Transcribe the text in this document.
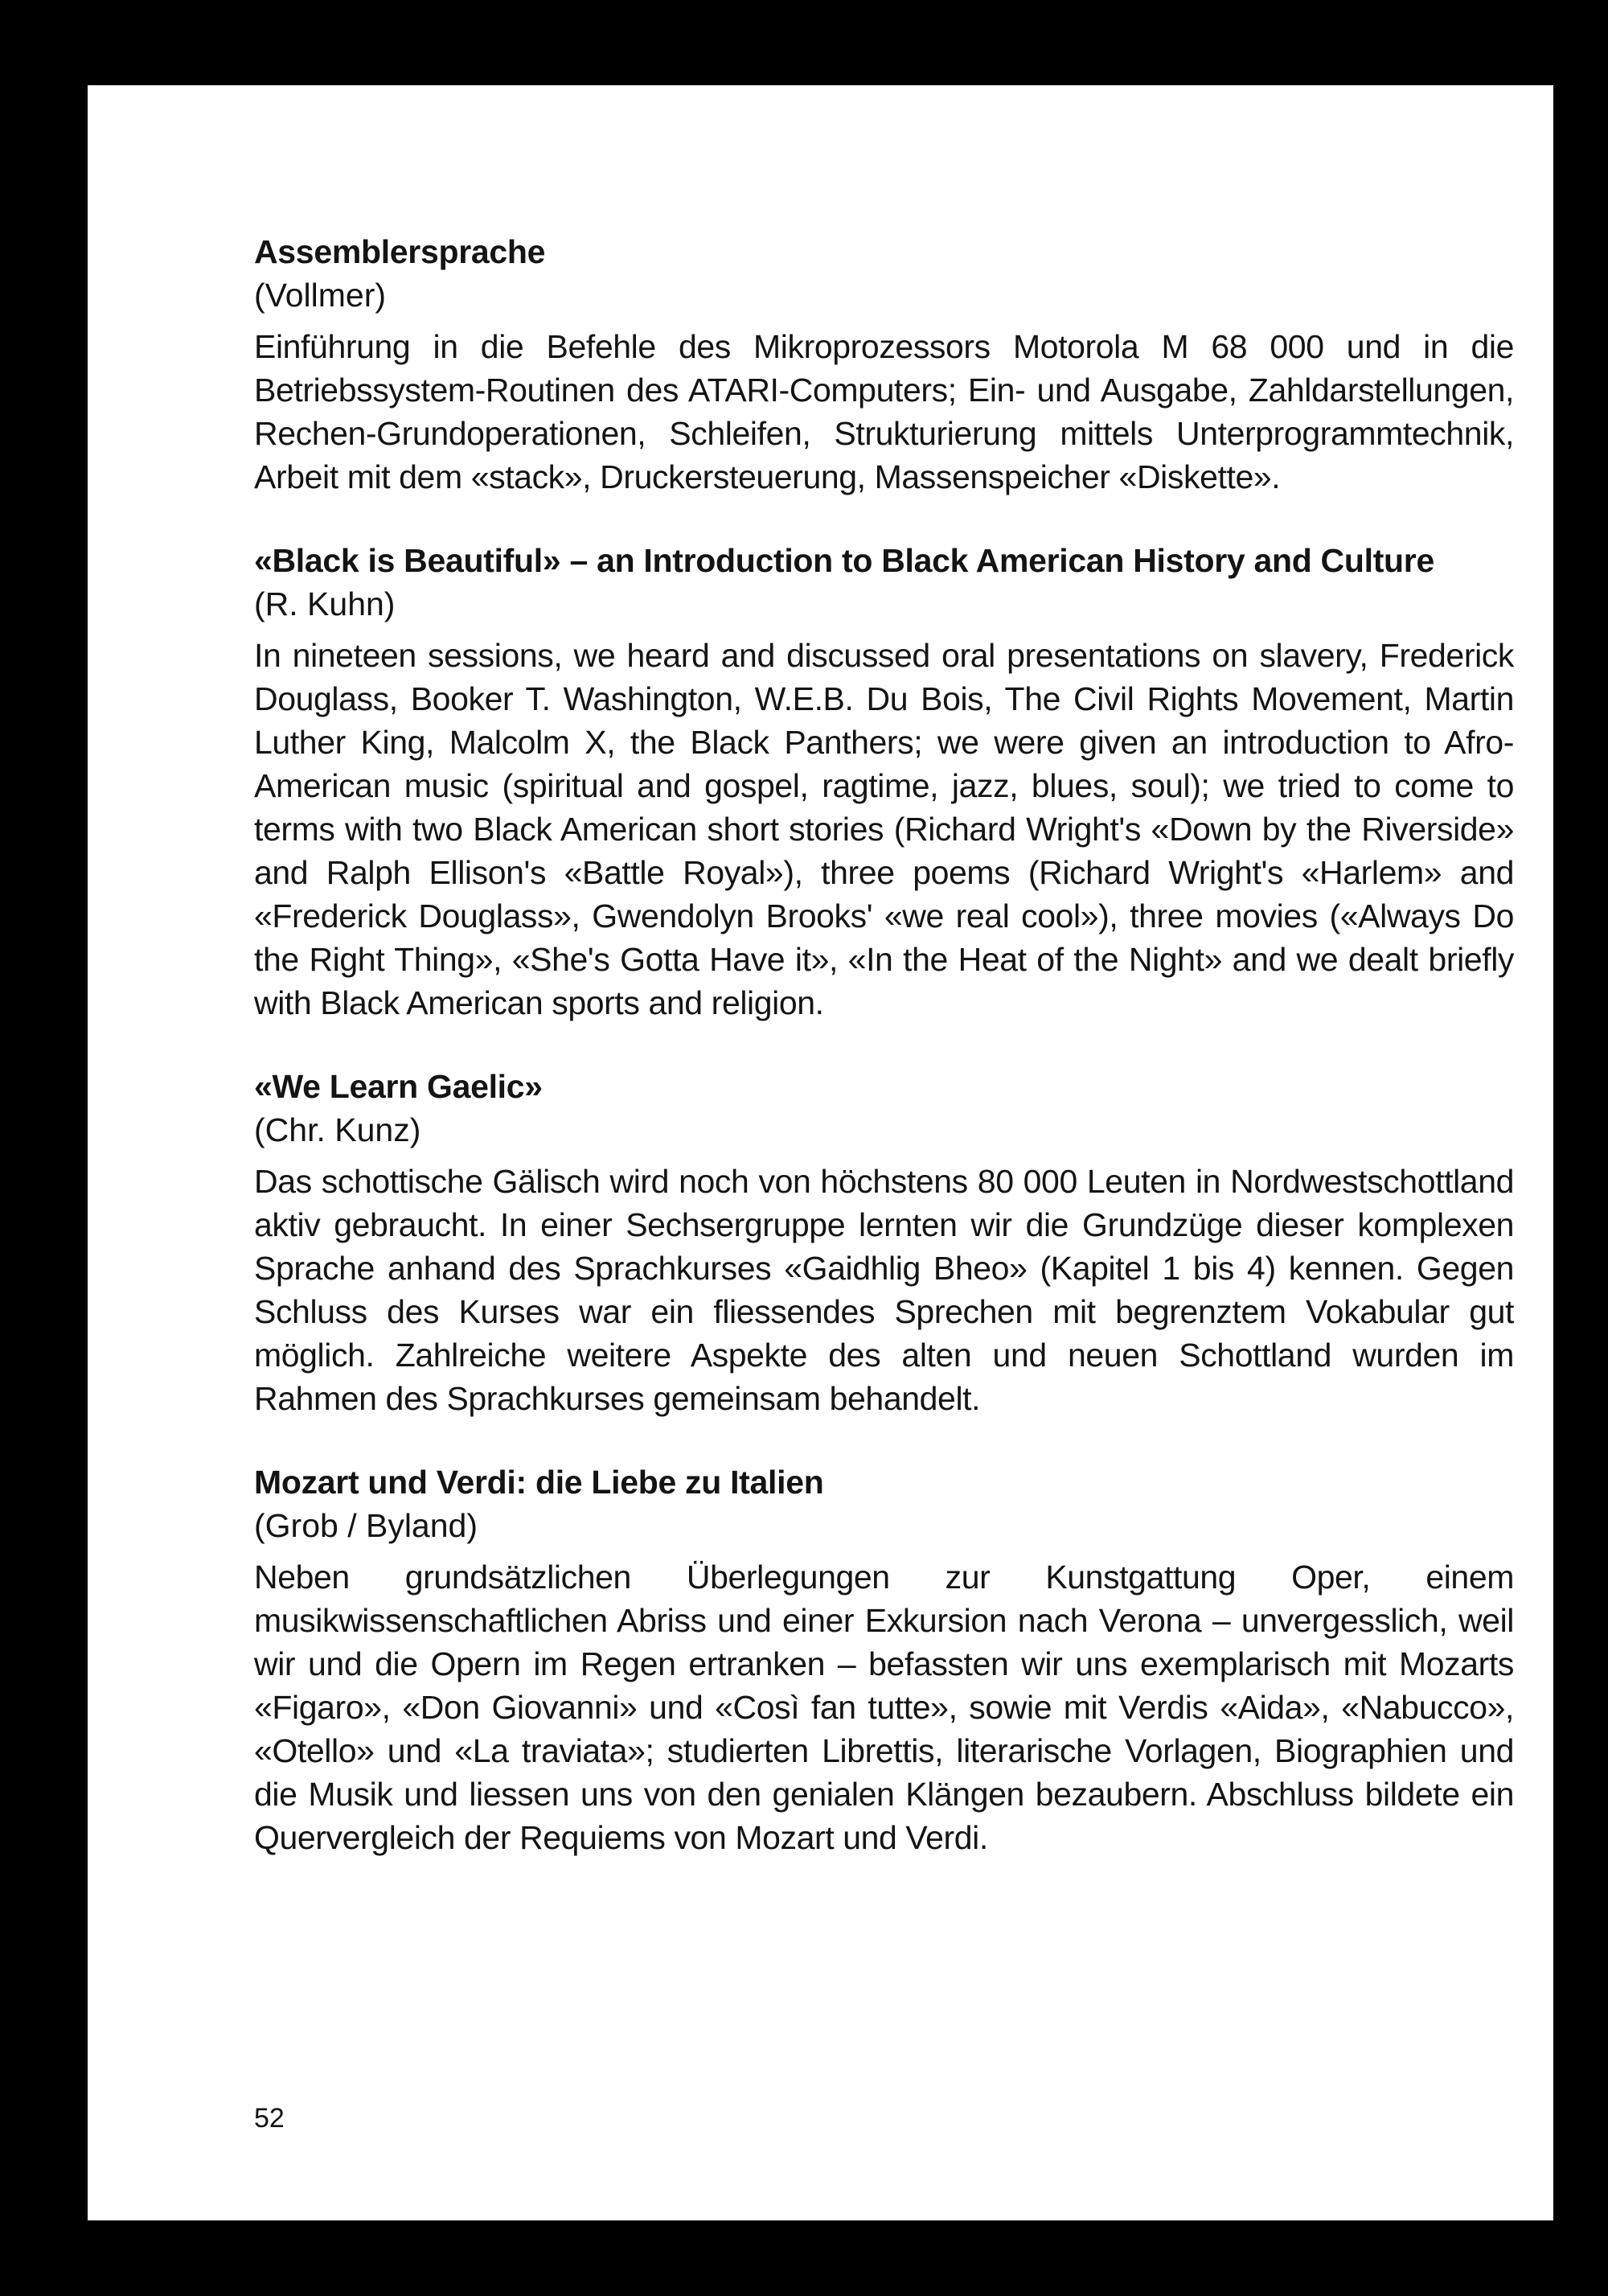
Assemblersprache

(Vollmer)

Einführung in die Befehle des Mikroprozessors Motorola M 68 000 und in die Betriebssystem-Routinen des ATARI-Computers; Ein- und Ausgabe, Zahldarstellungen, Rechen-Grundoperationen, Schleifen, Strukturierung mittels Unterprogrammtechnik, Arbeit mit dem «stack», Druckersteuerung, Massenspeicher «Diskette».

«Black is Beautiful» – an Introduction to Black American History and Culture

(R. Kuhn)

In nineteen sessions, we heard and discussed oral presentations on slavery, Frederick Douglass, Booker T. Washington, W.E.B. Du Bois, The Civil Rights Movement, Martin Luther King, Malcolm X, the Black Panthers; we were given an introduction to Afro-American music (spiritual and gospel, ragtime, jazz, blues, soul); we tried to come to terms with two Black American short stories (Richard Wright's «Down by the Riverside» and Ralph Ellison's «Battle Royal»), three poems (Richard Wright's «Harlem» and «Frederick Douglass», Gwendolyn Brooks' «we real cool»), three movies («Always Do the Right Thing», «She's Gotta Have it», «In the Heat of the Night» and we dealt briefly with Black American sports and religion.

«We Learn Gaelic»

(Chr. Kunz)

Das schottische Gälisch wird noch von höchstens 80 000 Leuten in Nordwestschottland aktiv gebraucht. In einer Sechsergruppe lernten wir die Grundzüge dieser komplexen Sprache anhand des Sprachkurses «Gaidhlig Bheo» (Kapitel 1 bis 4) kennen. Gegen Schluss des Kurses war ein fliessendes Sprechen mit begrenztem Vokabular gut möglich. Zahlreiche weitere Aspekte des alten und neuen Schottland wurden im Rahmen des Sprachkurses gemeinsam behandelt.

Mozart und Verdi: die Liebe zu Italien

(Grob / Byland)

Neben grundsätzlichen Überlegungen zur Kunstgattung Oper, einem musikwissenschaftlichen Abriss und einer Exkursion nach Verona – unvergesslich, weil wir und die Opern im Regen ertranken – befassten wir uns exemplarisch mit Mozarts «Figaro», «Don Giovanni» und «Così fan tutte», sowie mit Verdis «Aida», «Nabucco», «Otello» und «La traviata»; studierten Librettis, literarische Vorlagen, Biographien und die Musik und liessen uns von den genialen Klängen bezaubern. Abschluss bildete ein Quervergleich der Requiems von Mozart und Verdi.

52
